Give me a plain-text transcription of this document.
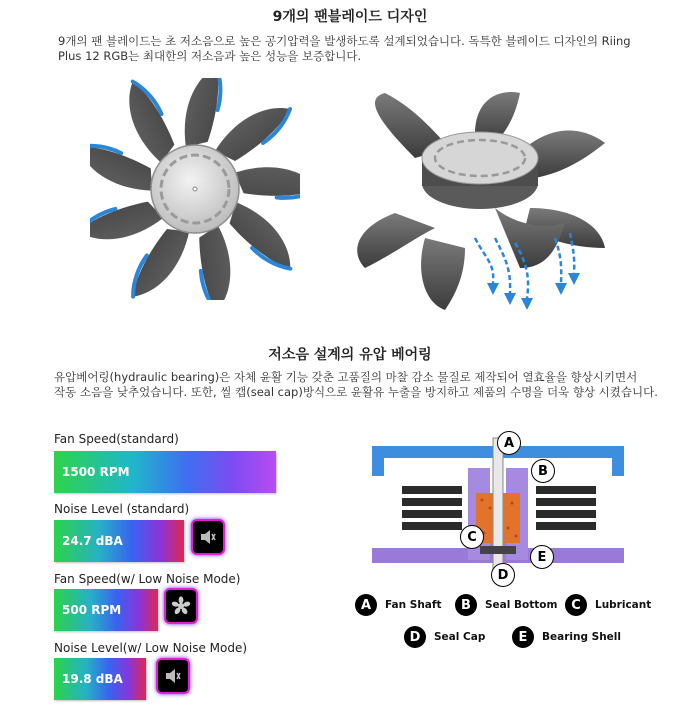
9개의 팬블레이드 디자인
9개의 팬 블레이드는 초 저소음으로 높은 공기압력을 발생하도록 설계되었습니다. 독특한 블레이드 디자인의 Riing
Plus 12 RGB는 최대한의 저소음과 높은 성능을 보증합니다.
저소음 설계의 유압 베어링
유압베어링(hydraulic bearing)은 자체 윤활 기능 갖춘 고품질의 마찰 감소 물질로 제작되어 열효율을 향상시키면서
작동 소음을 낮추었습니다. 또한, 씰 캡(seal cap)방식으로 윤활유 누출을 방지하고 제품의 수명을 더욱 향상 시켰습니다.
Fan Speed(standard)
1500 RPM
Noise Level (standard)
24.7 dBA
Fan Speed(w/ Low Noise Mode)
500 RPM
Noise Level(w/ Low Noise Mode)
19.8 dBA
A
B
C
D
E
A	Fan Shaft	B	Seal Bottom	C	Lubricant
D	Seal Cap	E	Bearing Shell
